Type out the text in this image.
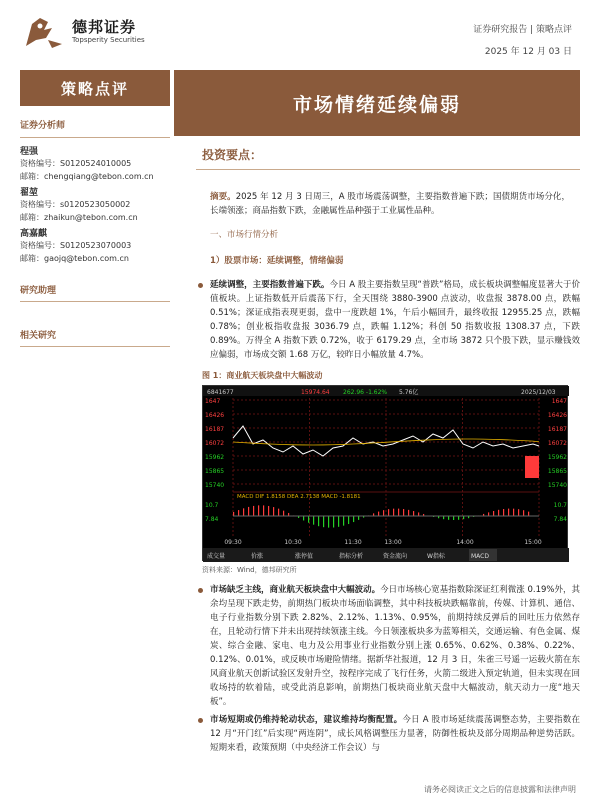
德邦证券
Topsperity Securities
证券研究报告 | 策略点评
2025 年 12 月 03 日
策略点评
市场情绪延续偏弱
证券分析师
程强
资格编号：S0120524010005
邮箱：chengqiang@tebon.com.cn
翟堃
资格编号：s0120523050002
邮箱：zhaikun@tebon.com.cn
高嘉麒
资格编号：S0120523070003
邮箱：gaojq@tebon.com.cn
研究助理
相关研究
投资要点：

摘要。2025 年 12 月 3 日周三，A 股市场震荡调整，主要指数普遍下跌；国债期货市场分化，长端领涨；商品指数下跌，金融属性品种强于工业属性品种。

一、市场行情分析

1）股票市场：延续调整，情绪偏弱

延续调整，主要指数普遍下跌。今日 A 股主要指数呈现“普跌”格局，成长板块调整幅度显著大于价值板块。上证指数低开后震荡下行，全天围绕 3880-3900 点波动，收盘报 3878.00 点，跌幅 0.51%；深证成指表现更弱，盘中一度跌超 1%，午后小幅回升，最终收报 12955.25 点，跌幅 0.78%；创业板指收盘报 3036.79 点，跌幅 1.12%；科创 50 指数收报 1308.37 点，下跌 0.89%。万得全 A 指数下跌 0.72%，收于 6179.29 点，全市场 3872 只个股下跌，显示赚钱效应偏弱，市场成交额 1.68 万亿，较昨日小幅放量 4.7%。

图 1：商业航天板块盘中大幅波动
6841677	15974.64 262.96 -1.62% 5.76亿	2025/12/03
1647	1647
16426	16426
16187	16187
16072	16072
15962	15962
15865	15865
15740	15740
10.7	10.7
7.84	7.84
MACD DIF 1.8158 DEA 2.7138 MACD -1.8181
09:30	10:30	11:30	13:00	14:00	15:00
成交量	价涨	涨停值	指标分析	资金流向	W指标	MACD
资料来源：Wind，德邦研究所

市场缺乏主线，商业航天板块盘中大幅波动。今日市场核心宽基指数除深证红利微涨 0.19%外，其余均呈现下跌走势，前期热门板块市场面临调整，其中科技板块跌幅靠前，传媒、计算机、通信、电子行业指数分别下跌 2.82%、2.12%、1.13%、0.95%，前期持续反弹后的回吐压力依然存在，且轮动行情下并未出现持续领涨主线。今日领涨板块多为蓝筹相关，交通运输、有色金属、煤炭、综合金融、家电、电力及公用事业行业指数分别上涨 0.65%、0.62%、0.38%、0.22%、0.12%、0.01%，或反映市场避险情绪。据新华社报道，12 月 3 日，朱雀三号遥一运载火箭在东风商业航天创新试验区发射升空，按程序完成了飞行任务，火箭二级进入预定轨道，但未实现在回收场持的软着陆，或受此消息影响，前期热门板块商业航天盘中大幅波动，航天动力一度“地天板”。

市场短期或仍维持轮动状态，建议维持均衡配置。今日 A 股市场延续震荡调整态势，主要指数在 12 月“开门红”后实现“两连阴”，成长风格调整压力显著，防御性板块及部分周期品种逆势活跃。短期来看，政策预期（中央经济工作会议）与

请务必阅读正文之后的信息披露和法律声明
